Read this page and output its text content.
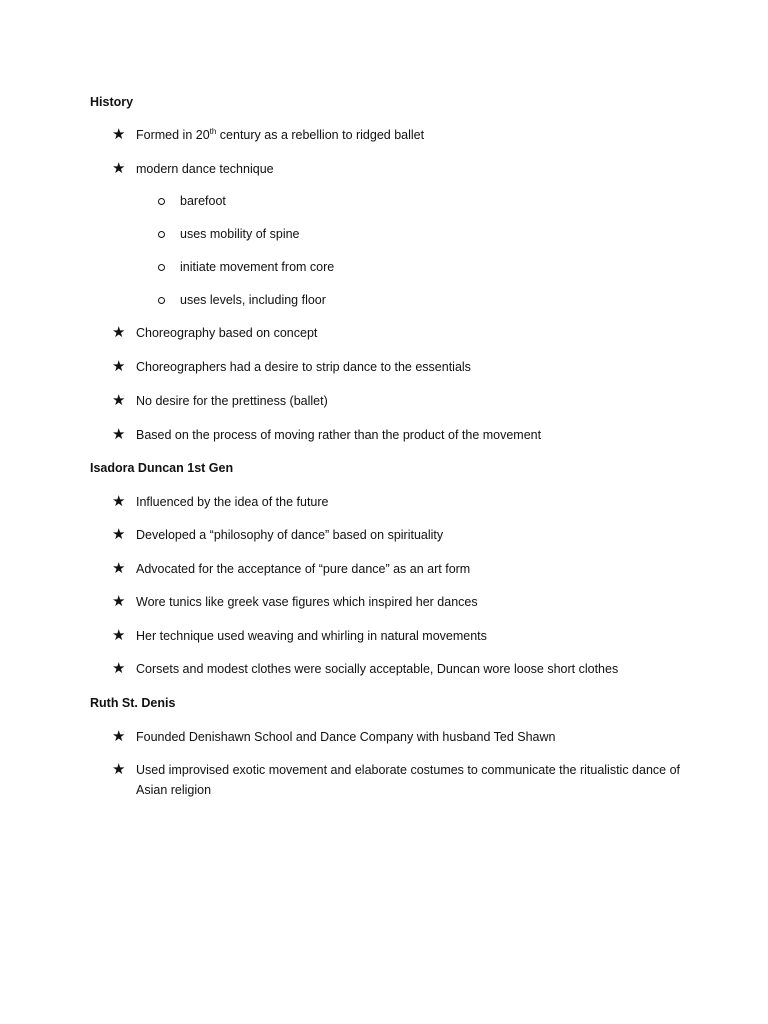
History
★ Formed in 20th century as a rebellion to ridged ballet
★ modern dance technique
barefoot
uses mobility of spine
initiate movement from core
uses levels, including floor
★ Choreography based on concept
★ Choreographers had a desire to strip dance to the essentials
★ No desire for the prettiness (ballet)
★ Based on the process of moving rather than the product of the movement
Isadora Duncan 1st Gen
★ Influenced by the idea of the future
★ Developed a “philosophy of dance” based on spirituality
★ Advocated for the acceptance of “pure dance” as an art form
★ Wore tunics like greek vase figures which inspired her dances
★ Her technique used weaving and whirling in natural movements
★ Corsets and modest clothes were socially acceptable, Duncan wore loose short clothes
Ruth St. Denis
★ Founded Denishawn School and Dance Company with husband Ted Shawn
★ Used improvised exotic movement and elaborate costumes to communicate the ritualistic dance of Asian religion
